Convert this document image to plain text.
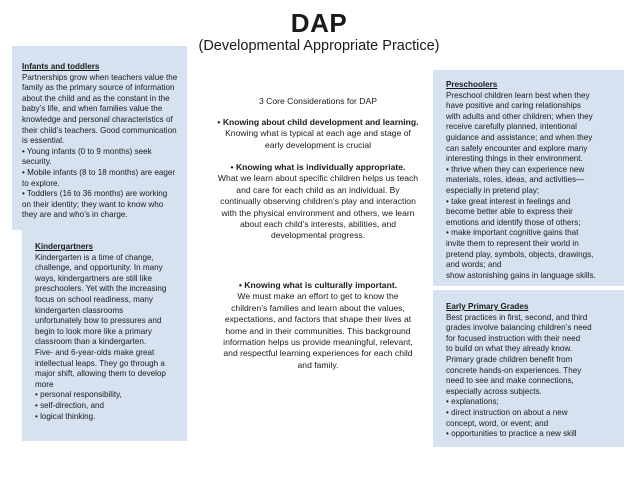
DAP
(Developmental Appropriate Practice)
Infants and toddlers
Partnerships grow when teachers value the
family as the primary source of information
about the child and as the constant in the
baby’s life, and when families value the
knowledge and personal characteristics of
their child’s teachers. Good communication
is essential.
• Young infants (0 to 9 months) seek
security.
• Mobile infants (8 to 18 months) are eager
to explore.
• Toddlers (16 to 36 months) are working
on their identity; they want to know who
they are and who’s in charge.
Kindergartners
Kindergarten is a time of change,
challenge, and opportunity. In many
ways, kindergartners are still like
preschoolers. Yet with the increasing
focus on school readiness, many
kindergarten classrooms
unfortunately bow to pressures and
begin to look more like a primary
classroom than a kindergarten.
Five- and 6-year-olds make great
intellectual leaps. They go through a
major shift, allowing them to develop
more
• personal responsibility,
• self-direction, and
• logical thinking.
3 Core Considerations for DAP
• Knowing about child development and learning.
Knowing what is typical at each age and stage of
early development is crucial
• Knowing what is individually appropriate.
What we learn about specific children helps us teach
and care for each child as an individual. By
continually observing children’s play and interaction
with the physical environment and others, we learn
about each child’s interests, abilities, and
developmental progress.
• Knowing what is culturally important.
We must make an effort to get to know the
children’s families and learn about the values,
expectations, and factors that shape their lives at
home and in their communities. This background
information helps us provide meaningful, relevant,
and respectful learning experiences for each child
and family.
Preschoolers
Preschool children learn best when they
have positive and caring relationships
with adults and other children; when they
receive carefully planned, intentional
guidance and assistance; and when they
can safely encounter and explore many
interesting things in their environment.
• thrive when they can experience new
materials, roles, ideas, and activities—
especially in pretend play;
• take great interest in feelings and
become better able to express their
emotions and identify those of others;
• make important cognitive gains that
invite them to represent their world in
pretend play, symbols, objects, drawings,
and words; and
show astonishing gains in language skills.
Early Primary Grades
Best practices in first, second, and third
grades involve balancing children’s need
for focused instruction with their need
to build on what they already know.
Primary grade children benefit from
concrete hands-on experiences. They
need to see and make connections,
especially across subjects.
• explanations;
• direct instruction on about a new
concept, word, or event; and
• opportunities to practice a new skill
